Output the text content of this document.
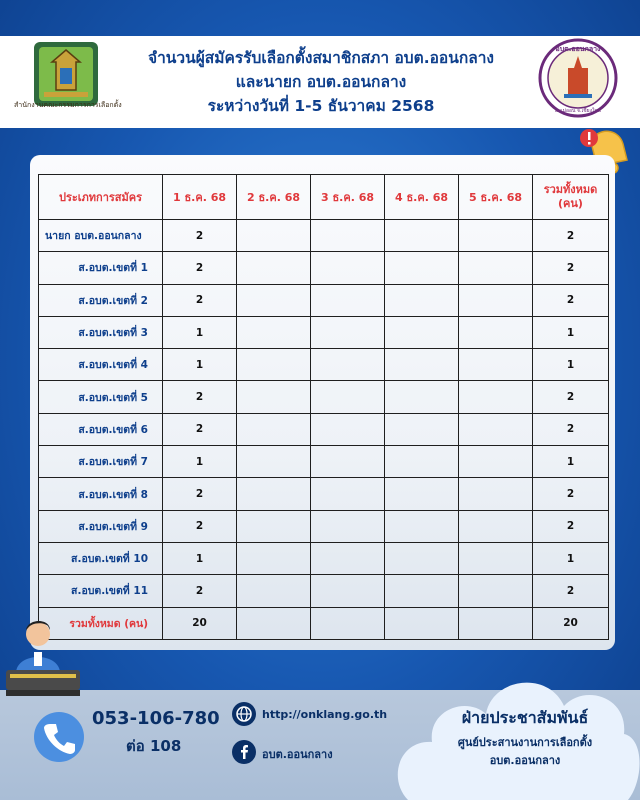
สำนักงานคณะกรรมการการเลือกตั้ง
จำนวนผู้สมัครรับเลือกตั้งสมาชิกสภา อบต.ออนกลาง
และนายก อบต.ออนกลาง
ระหว่างวันที่ 1-5 ธันวาคม 2568
อบต.ออนกลาง
อ.แม่ออน จ.เชียงใหม่
ประเภทการสมัคร	1 ธ.ค. 68	2 ธ.ค. 68	3 ธ.ค. 68	4 ธ.ค. 68	5 ธ.ค. 68	รวมทั้งหมด
(คน)
นายก อบต.ออนกลาง	2					2
ส.อบต.เขตที่ 1	2					2
ส.อบต.เขตที่ 2	2					2
ส.อบต.เขตที่ 3	1					1
ส.อบต.เขตที่ 4	1					1
ส.อบต.เขตที่ 5	2					2
ส.อบต.เขตที่ 6	2					2
ส.อบต.เขตที่ 7	1					1
ส.อบต.เขตที่ 8	2					2
ส.อบต.เขตที่ 9	2					2
ส.อบต.เขตที่ 10	1					1
ส.อบต.เขตที่ 11	2					2
รวมทั้งหมด (คน)	20					20
053-106-780
ต่อ 108
http://onklang.go.th
อบต.ออนกลาง
ฝ่ายประชาสัมพันธ์
ศูนย์ประสานงานการเลือกตั้ง
อบต.ออนกลาง
